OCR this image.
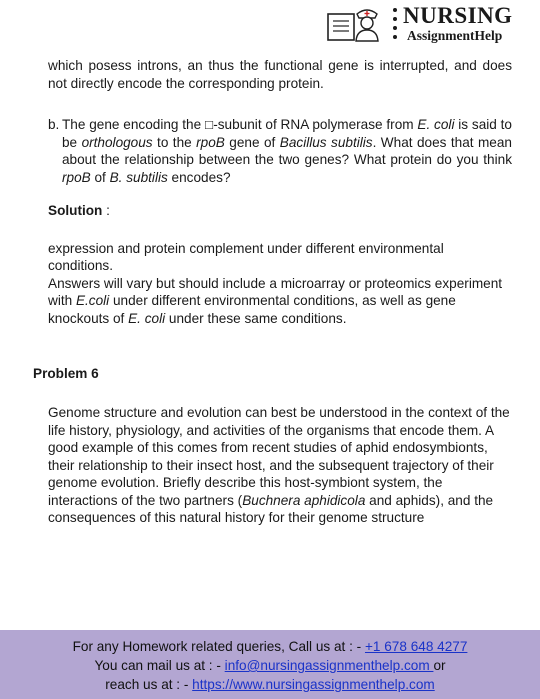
NURSING
AssignmentHelp

which posess introns, an thus the functional gene is interrupted, and does not directly encode the corresponding protein.

b. The gene encoding the □-subunit of RNA polymerase from E. coli is said to be orthologous to the rpoB gene of Bacillus subtilis. What does that mean about the relationship between the two genes? What protein do you think rpoB of B. subtilis encodes?

Solution :

expression and protein complement under different environmental conditions.

Answers will vary but should include a microarray or proteomics experiment with E.coli under different environmental conditions, as well as gene knockouts of E. coli under these same conditions.

Problem 6

Genome structure and evolution can best be understood in the context of the life history, physiology, and activities of the organisms that encode them. A good example of this comes from recent studies of aphid endosymbionts, their relationship to their insect host, and the subsequent trajectory of their genome evolution. Briefly describe this host-symbiont system, the interactions of the two partners (Buchnera aphidicola and aphids), and the consequences of this natural history for their genome structure

For any Homework related queries, Call us at : - +1 678 648 4277
You can mail us at : - info@nursingassignmenthelp.com or
reach us at : - https://www.nursingassignmenthelp.com
